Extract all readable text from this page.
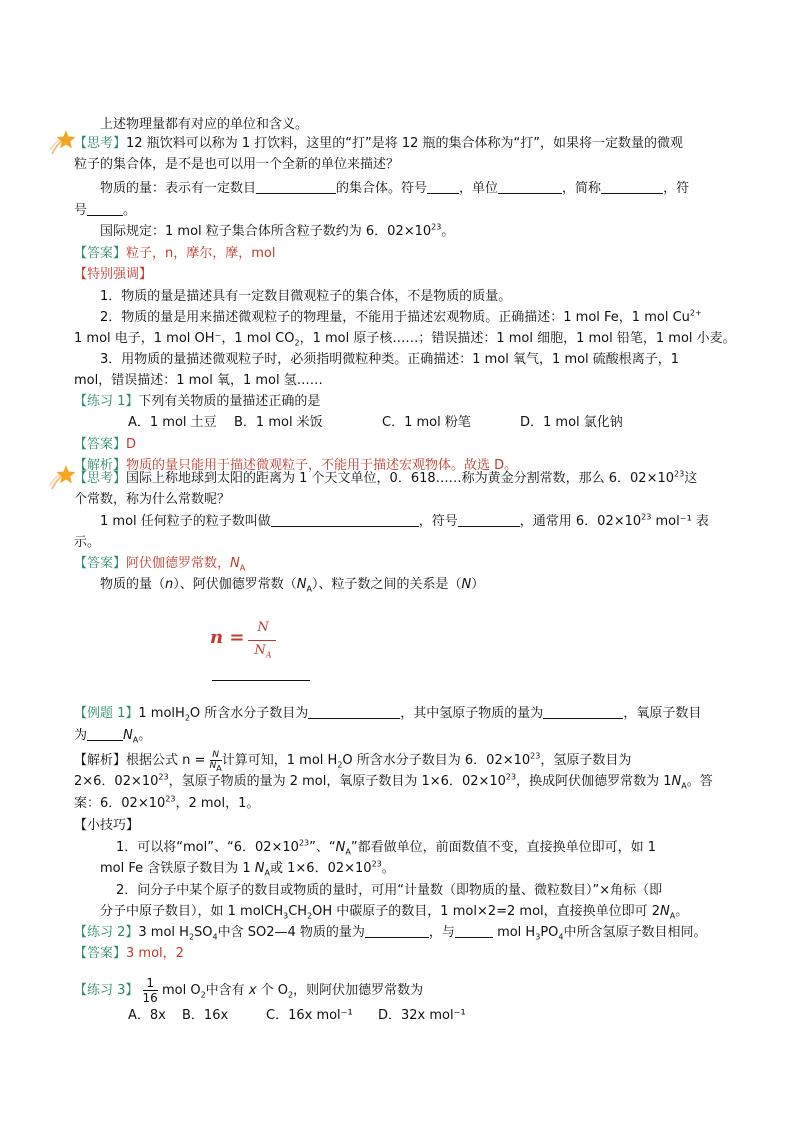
上述物理量都有对应的单位和含义。
【思考】12 瓶饮料可以称为 1 打饮料，这里的“打”是将 12 瓶的集合体称为“打”，如果将一定数量的微观
粒子的集合体，是不是也可以用一个全新的单位来描述？
物质的量：表示有一定数目	的集合体。符号 ，单位	，简称	，符
号	。
国际规定：1 mol 粒子集合体所含粒子数约为 6．$02\times 10^{23}$。
【答案】粒子，n，摩尔，摩，mol
【特别强调】
1．物质的量是描述具有一定数目微观粒子的集合体，不是物质的质量。
2．物质的量是用来描述微观粒子的物理量，不能用于描述宏观物质。正确描述：1 mol Fe，1 mol $Cu^{2+}$
1 mol 电子，1 mol OH⁻，1 mol $CO_2$，1 mol 原子核……；错误描述：1 mol 细胞，1 mol 铅笔，1 mol 小麦。
3．用物质的量描述微观粒子时，必须指明微粒种类。正确描述：1 mol 氧气，1 mol 硫酸根离子，1
mol，错误描述：1 mol 氧，1 mol 氢……
【练习 1】下列有关物质的量描述正确的是
A．1 mol 土豆 B．1 mol 米饭	C．1 mol 粉笔	D．1 mol 氯化钠
【答案】D
【解析】物质的量只能用于描述微观粒子，不能用于描述宏观物体。故选 D。
【思考】国际上称地球到太阳的距离为 1 个天文单位，0．618……称为黄金分割常数，那么 6．$02\times 10^{23}$这
个常数，称为什么常数呢？
1 mol 任何粒子的粒子数叫做	，符号	，通常用 6．$02\times 10^{23}$ mol⁻¹ 表
示。
【答案】阿伏伽德罗常数，$N_A$
物质的量（n）、阿伏伽德罗常数$(N_A)$、粒子数之间的关系是（N）
n = N
$N_A$
【例题 1】1 molH$_2$O 所含水分子数目为	，其中氢原子物质的量为	，氧原子数目
为	$N_A$。
【解析】根据公式 $n = \frac{N}{N_A}$ 计算可知，1 mol $H_2O$ 所含水分子数目为 6．$02\times 10^{23}$，氢原子数目为
2×6．$02\times 10^{23}$，氢原子物质的量为 2 mol，氧原子数目为 1×6．$02\times 10^{23}$，换成阿伏伽德罗常数为 $1N_A$。答
案：6．$02\times 10^{23}$，2 mol，1。
【小技巧】
1．可以将“mol”、“6．$02\times 10^{23}$”、“$N_A$”都看做单位，前面数值不变，直接换单位即可，如 1
mol Fe 含铁原子数目为 1 $N_A$或 1×6．$02\times 10^{23}$。
2．问分子中某个原子的数目或物质的量时，可用“计量数（即物质的量、微粒数目）”×角标（即
分子中原子数目），如 1 $molCH_3CH_2OH$ 中碳原子的数目，1 mol×2=2 mol，直接换单位即可 $2N_A$。
【练习 2】3 mol $H_2SO_4$中含 SO2—4 物质的量为	，与	mol $H_3PO_4$中所含氢原子数目相同。
【答案】3 mol，2
【练习 3】 $\frac{1}{16}$ mol $O_2$中含有 x 个 $O_2$，则阿伏加德罗常数为
A．8x B．16x	C．16x mol⁻¹ D．32x mol⁻¹
